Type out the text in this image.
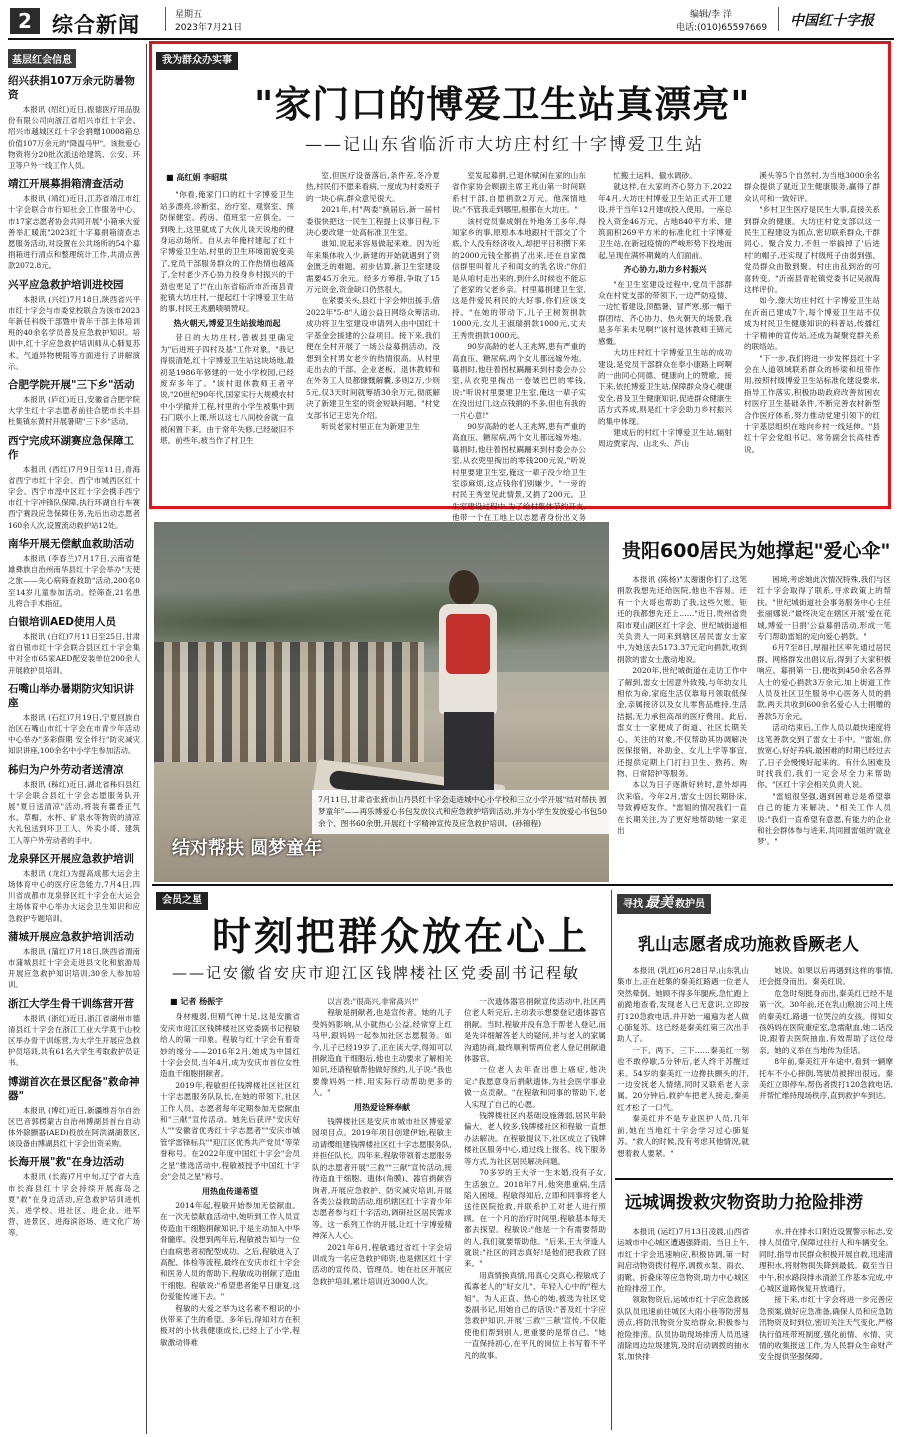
2 综合新闻	星期五
2023年7月21日
编辑/李 洋
电话:(010)65597669 中国红十字报
基层红会信息
绍兴获捐107万余元防暑物资

本报讯 (绍红)近日,振德医疗用品股份有限公司向浙江省绍兴市红十字会、绍兴市越城区红十字会捐赠10008箱总价值107万余元的"降温马甲"。该批爱心物资将分20批次派送给建筑、公安、环卫等户外一线工作人员。

靖江开展募捐箱清查活动

本报讯 (靖红)近日,江苏省靖江市红十字会联合市行知社会工作服务中心、市17家志愿者协会共同开展"小箱承大爱 善举汇暖流"2023红十字募捐箱清查志愿服务活动,对设置在公共场所的54个募捐箱进行清点和整理统计工作,共清点善款2072.8元。

兴平应急救护培训进校园

本报讯 (兴红)7月18日,陕西省兴平市红十字会与市委党校联合为该市2023年新任科级干部暨中青年干部主体培训班的40余名学员普及应急救护知识。培训中,红十字应急救护培训师从心肺复苏术、气道异物梗阻等方面进行了讲解演示。

合肥学院开展"三下乡"活动

本报讯 (庐红)近日,安徽省合肥学院大学生红十字志愿者前往合肥市长丰县杜集镇东黄村开展暑期"三下乡"活动。

西宁完成环湖赛应急保障工作

本报讯 (西红)7月9日至11日,青海省西宁市红十字会、西宁市城西区红十字会、西宁市湟中区红十字会携手西宁市红十字冲锋队保障,执行环湖自行车赛西宁赛段应急保障任务,先后出动志愿者160余人次,设置流动救护站12处。

南华开展无偿献血救助活动

本报讯 (李春兰)7月17日,云南省楚雄彝族自治州南华县红十字会举办"天使之旅——先心病筛查救助"活动,200名0至14岁儿童参加活动。经筛查,21名患儿将合手术指征。

白银培训AED使用人员

本报讯 (白红)7月11日至25日,甘肃省白银市红十字会联合县区红十字会集中对全市65家AED配安装单位200余人开展救护员培训。

石嘴山举办暑期防灾知识讲座

本报讯 (石红)7月19日,宁夏回族自治区石嘴山市红十字会在市青少年活动中心举办"多彩假期 安全伴行"防灾减灾知识讲座,100余名中小学生参加活动。

秭归为户外劳动者送清凉

本报讯 (秭红)近日,湖北省秭归县红十字会联合县红十字会志愿服务队开展"夏日送清凉"活动,将装有藿香正气水、草帽、水杯、矿泉水等物资的清凉大礼包送到环卫工人、外卖小哥、建筑工人等户外劳动者的手中。

龙泉驿区开展应急救护培训

本报讯 (龙红)为提高成都大运会主场体育中心的医疗应急能力,7月4日,四川省成都市龙泉驿区红十字会在大运会主场体育中心举办大运会卫生知识和应急救护专题培训。

蒲城开展应急救护培训活动

本报讯 (蒲红)7月18日,陕西省渭南市蒲城县红十字会走进县文化和旅游局开展应急救护知识培训,30余人参加培训。

浙江大学生骨干训练营开营

本报讯 (浙红)近日,浙江省湖州市德清县红十字会在浙江工业大学莫干山校区举办骨干训练营,为大学生开展应急救护员培训,共有61名大学生考取救护员证书。

博湖首次在景区配备"救命神器"

本报讯 (博红)近日,新疆维吾尔自治区巴音郭楞蒙古自治州博湖县首台自动体外除颤器(AED)投放在阿洪湖湖景区,该设备由博湖县红十字会出资采购。

长海开展"救"在身边活动

本报讯 (长海)7月中旬,辽宁省大连市长海县红十字会持续开展海岛之夏"救"在身边活动,应急救护培训进机关、进学校、进社区、进企业、进军营、进景区、进海滨浴场、进文化广场等。

我为群众办实事
"家门口的博爱卫生站真漂亮"
——记山东省临沂市大坊庄村红十字博爱卫生站
■ 高红娟 李昭琪

"你看,俺家门口的红十字博爱卫生站多漂亮,诊断室、治疗室、观察室、预防保健室、药房、值班室一应俱全。一到晚上,这里就成了大伙儿谈天说地的健身运动场所。自从去年俺村建起了红十字博爱卫生站,村里的卫生环境面貌变美了,党员干部服务群众的工作热情也越高了,全村老少齐心协力投身乡村振兴的干劲也更足了!"在山东省临沂市沂南县青驼镇大坊庄村,一提起红十字博爱卫生站的事,村民王兆鹏啧啧赞叹。

热火朝天,博爱卫生站拔地而起

昔日的大坊庄村,曾被县里确定为"后进班子四村及基"工作对象。"我记得很清楚,红十字博爱卫生站这块场地,最初是1986年修建的一处小学校园,已经废弃多年了。"该村退休教师王者平说,"20世纪90年代,国家实行大规模农村中小学撤并工程,村里的小学生被集中到石门联小上课,所以这七八间校舍就一直被闲置下来。由于常年失修,已经破旧不堪。前些年,被当作了村卫生

室,但医疗设备落后,条件差,冬冷夏热,村民们不愿来看病,一度成为村委班子的一块心病,群众意见很大。

2021年,村"两委"换届后,新一届村委很快把这一民生工程提上议事日程,下决心要改建一处高标准卫生室。

谁知,说起来容易做起来难。因为近年来集体收入少,新建的开始就遇到了资金匮乏的难题。初步估算,新卫生室建设需要45万余元。经多方筹措,争取了15万元资金,资金缺口仍然很大。

在紧要关头,县红十字会伸出援手,借2022年"5·8"人道公益日网络众筹活动,成功将卫生室建设申请列入由中国红十字基金会援建的公益项目。接下来,我们便在全村开展了一场公益募捐活动。没想到全村男女老少的热情很高。从村里走出去的干部、企业老板、退休教师和在外务工人员都慷慨解囊,多则2万,少则5元,仅3天时间就筹措30余万元,彻底解决了新建卫生室的资金短缺问题。"村党支部书记王忠先介绍。

听说老家村里正在为新建卫生

室发起募捐,已退休赋闲在家的山东省作家协会顾副主席王兆山第一时间联系村干部,自愿捐款2万元。他深情地说:"不管我走到哪里,根都在大坊庄。"

该村党员秦成娟在外地务工多年,得知家乡的事,原原本本地跟村干部交了个底,个人没有经济收入,却把平日积攒下来的2000元钱全都捐了出来,还在自家微信群里叫着儿子和闺女的乳名说:"你们是从咱村走出来的,到什么时候也不能忘了老家的父老乡亲。村里募捐建卫生室,这是件爱民利民的大好事,你们应该支持。"在她的带动下,儿子王树贺捐款1000元,女儿王淑瑞捐款1000元,丈夫王秀贵捐款1000元。

90岁高龄的老人王兆辉,患有严重的高血压、糖尿病,两个女儿都远嫁外地。募捐时,他往着拐杖蹒跚来到村委会办公室,从衣兜里掏出一卷皱巴巴的零钱,说:"听说村里要建卫生室,俺这一辈子实在没出过门,这点钱捐的不多,但也有我的一片心意!"

90岁高龄的老人王兆辉,患有严重的高血压、糖尿病,两个女儿都远嫁外地。募捐时,他往着拐杖蹒跚来到村委会办公室,从衣兜里掏出的零钱200元说,"听说村里要建卫生室,俺这一辈子没少给卫生室添麻烦,这点钱你们别嫌少。"一旁的村民王秀堂见此情景,又捐了200元。卫生室建设过程中,为了给村集体节约开支,他带一个在工地上以志愿者身份出义务

忙搬土运料、撤水调砂。

就这样,在大家的齐心努力下,2022年4月,大坊庄村博爱卫生站正式开工建设,并于当年12月建成投入使用。一座总投入资金46万元、占地840平方米、建筑面积269平方米的标准化红十字博爱卫生站,在新冠疫情的严峻形势下投地而起,呈现在满怀期冀的人们面前。

齐心协力,助力乡村振兴

"在卫生室建设过程中,党员干部群众在村党支部的带领下,一边严防疫情、一边忙着建设,顶酷暑、冒严寒,那一幅干群团结、齐心协力、热火朝天的场景,我是多年来未见啊!"该村退休教师王锦元感慨。

大坊庄村红十字博爱卫生站的成功建设,是党员干部群众在奉小康路上呵啊的一曲同心同德、健康向上的赞歌。接下来,依托博爱卫生站,保障群众身心健康安全,普及卫生健康知识,促进群众健康生活方式养成,则是红十字会助力乡村振兴的集中体现。

建成后的村红十字博爱卫生站,辐射周边贾家沟、山北头、芦山

溪头等5个自然村,为当地3000余名群众提供了就近卫生健康服务,赢得了群众认可和一致好评。

"乡村卫生医疗是民生大事,直接关系到群众的健康。大坊庄村党支部以这一民生工程建设为抓点,密切联系群众,干群同心、聚合发力,不但一举搞掉了'后进村'的帽子,还实现了村级班子由弱到强、党员群众由散到聚、村庄由乱到治的可喜转变。"沂南县青驼镇党委书记吴淑海这样评价。

如今,像大坊庄村红十字博爱卫生站在沂南已建成7个,每个博爱卫生站不仅成为村民卫生健康知识的科普站,传播红十字精神的宣传站,还成为凝聚党群关系的联络站。

"下一步,我们将进一步发挥县红十字会在人道领域联系群众的桥梁和纽带作用,按照村级博爱卫生站标准化建设要求,指导工作落实,积极协助政府改善贫困农村医疗卫生基础条件,不断完善农村新型合作医疗体系,努力推动党建引领下的红十字基层组织在地向乡村一线延伸。"县红十字会党组书记、常务副会长高桂香说。

结对帮扶 圆梦童年
7月11日,甘肃省张掖市山丹县红十字会走进城中心小学校和三立小学开展"结对帮扶 圆梦童年"——再乐博爱心书包发放仪式和应急救护培训活动,并为小学生发放爱心书包50余个、图书60余册,开展红十字精神宣传及应急救护培训。(孙锦程)
贵阳600居民为她撑起"爱心伞"

本报讯 (陈杨)"太谢谢你们了,这笔捐款我想先还给医院,他也不容易。还有一个大哥也帮助了我,这些欠账、钜还的我都想先还上……"近日,贵州省贵阳市观山湖区红十字会、世纪城街道相关负责人一同来到辖区居民雷女士家中,为她送去5173.37元定向捐款,收到捐款的雷女士激动地说。

2020年,世纪城街道在走访工作中了解到,雷女士因意外致残,与年幼女儿相依为命,家庭生活仅靠每月领取低保金,亲属接济以及女儿零售品维持,生活拮据,无力承担高昂的医疗费用。此后,雷女士一家便成了街道、社区长期关心、关注的对象,不仅帮助其协调解决医保报销、补助金、女儿上学等事宜,还提供定期上门打扫卫生、熬药、购物、日常陪护等服务。

本以为日子逐渐好转时,意外却再次来临。今年2月,雷女士因长期卧床,导致褥疮发作。"雷姐的情况我们一直在长期关注,为了更好地帮助她一家走出

困境,考虑她此次情况特殊,我们与区红十字会取得了联系,寻求政策上的帮扶。"世纪城街道社会事务服务中心主任张丽娜说:"最终决定在辖区开展'爱在花城,博爱一日捐'公益募捐活动,形成一笔专门帮助雷姐的定向爱心捐款。"

6月7至8日,厚福社区率先通过居民群、网格群发出倡议后,得到了大家积极响应。募捐第一日,便收到450余名各界人士的爱心捐款3万余元,加上街道工作人员及社区卫生服务中心医务人员的捐款,两天共收到600余名爱心人士捐赠的善款5万余元。

活动结束后,工作人员以最快速度将这笔善款交到了雷女士手中。"雷姐,你放宽心,好好养病,最困难的时期已经过去了,日子会慢慢好起来的。有什么困难及时找我们,我们一定会尽全力来帮助你。"区红十字会相关负责人说。

"雷姐很坚强,遇到困难总是希望靠自己的能力来解决。"相关工作人员说:"我们一直希望有意愿,有能力的企业和社会群体参与进来,共同圆雷姐的'就业梦'。"

会员之星
时刻把群众放在心上
——记安徽省安庆市迎江区钱牌楼社区党委副书记程敏
■ 记者 杨振宇

身材瘦弱,但精气神十足,这是安徽省安庆市迎江区钱牌楼社区党委副书记程敏给人的第一印象。程敏与红十字会有着奇妙的缘分——2016年2月,她成为中国红十字会会员,当年4月,成为安庆市首位女性造血干细胞捐献者。

2019年,程敏担任钱牌楼社区社区红十字志愿服务队队长,在她的带领下,社区工作人员、志愿者每年定期参加无偿献血和"三献"宣传活动。她先后获评"安庆好人""安徽省优秀红十字志愿者""安庆市城管学雷锋标兵""迎江区优秀共产党员"等荣誉称号。在2022年度中国红十字会"会员之星"推选活动中,程敏被授予中国红十字会"会员之星"称号。

用热血传递希望

2014年起,程敏开始参加无偿献血。在一次无偿献血活动中,她听到工作人员宣传造血干细胞捐献知识,于是主动加入中华骨髓库。没想到两年后,程敏被告知与一位白血病患者初配型成功。之后,程敏进入了高配、体检等流程,最终在安庆市红十字会和医务人员的帮助下,程敏成功捐献了造血干细胞。程敏说:"希望患者能早日康复,这份爱能传递下去。"

程敏的大爱之举为这名素不相识的小伙带来了生的希望。多年后,得知对方在积极对的小伙我健康成长,已经上了小学,程敏激动得难

以言表:"很高兴,非常高兴!"

程敏是捐献者,也是宣传者。她的儿子受妈妈影响,从小就热心公益,经常穿上红马甲,跟妈妈一起参加社区志愿服务。如今,儿子已经19岁了,正在读大学,得知可以捐献造血干细胞后,他也主动要求了解相关知识,还请程敏帮他做好预约,儿子说:"我也要像妈妈一样,用实际行动帮助更多的人。"

用热爱诠释奉献

钱牌楼社区是安庆市城市社区博爱家园项目点。2019年项目创建伊始,程敏主动请缨组建钱牌楼社区红十字志愿服务队,并担任队长。四年来,程敏带领着志愿服务队的志愿者开展"三救""三献"宣传活动,接待造血干细胞、遗体(角膜)、器官捐献咨询者,开展应急救护、防灾减灾培训,开展各类公益救助活动,组织辖区红十字青少年志愿者参与红十字活动,调研社区居民需求等。这一系列工作的开展,让红十字博爱精神深入人心。

2021年6月,程敏通过省红十字会培训成为一名应急救护师资,也是辖区红十字活动的宣传员、管理员。她在社区开展应急救护培训,累计培训近3000人次。

一次遗体器官捐献宣传活动中,社区两位老人听完后,主动表示想要登记遗体器官捐献。当时,程敏并没有急于帮老人登记,而是先详细解答老人的疑问,并与老人的家属沟通协商,最终顺利帮两位老人登记捐献遗体器官。

一位老人去年查出患上癌症,他决定:"我愿意身后捐献遗体,为社会医学事业做一点贡献。"在程敏和同事的帮助下,老人实现了自己的心愿。

钱牌楼社区内基础设施薄弱,居民年龄偏大、老人较多,钱牌楼社区和程敏一直想办法解决。在程敏提议下,社区成立了钱牌楼社区服务中心,通过线上报名、线下服务等方式,为社区居民解决问题。

70多岁的王大爷一生未婚,没有子女,生活独立。2018年7月,他突患重病,生活陷入困境。程敏得知后,立即和同事将老人送往医院抢救,并联系护工对老人进行照顾。在一个月的治疗时间里,程敏基本每天都去探望。程敏说:"他是一个有需要帮助的人,我们就要帮助他。"后来,王大爷逢人就说:"社区的同志真好!是他们把我救了回来。"

用真情换真情,用真心交真心,程敏成了孤寡老人的"好女儿"、年轻人心中的"程大姐"。为人正直、热心的她,被选为社区党委副书记,用她自己的话说:"普及红十字应急救护知识,开展'三救''三献'宣传,不仅能使他们帮到别人,更重要的是帮自己。"她一直保持初心,在平凡的岗位上书写着不平凡的故事。

寻找 最美 救护员
乳山志愿者成功施救昏厥老人

本报讯 (乳红)6月28日早,山东乳山集市上,正在赶集的秦美红路遇一位老人突然晕倒。她顾不得多年腿疾,急忙跑上前跪地查看,发现老人已无意识,立即按打120急救电话,并开始一遍遍为老人做心肺复苏。这已经是秦美红第三次出手助人了。

一下、两下、三下……秦美红一刻也不敢停歇,5分钟后,老人终于苏醒过来。54岁的秦美红一边搀扶颤头的汗,一边安抚老人情绪,同时又联系老人亲属。20分钟后,救护车把老人接走,秦美红才松了一口气。

秦美红并不是专业医护人员,几年前,她在当地红十字会学习过心肺复苏。"救人的时候,没有考虑其他情况,就想着救人要紧。"

她说。如果以后再遇到这样的事情,还会挺身而出。秦美红说。

危急时刻挺身而出,秦美红已经不是第一次。30年前,还在乳山粮油公司上班的秦美红,路遇一位哭泣的女孩。得知女孩妈妈在医院重症室,急需献血,她二话没说,跟着去医院抽血,有效帮助了这位母亲。她的义举在当地传为佳话。

8年前,秦美红开车途中,看到一辆摩托车不小心摔倒,驾驶员被摔出很远。秦美红立即停车,帮伤者拨打120急救电话,并帮忙维持现场秩序,直到救护车到达。

远城调拨救灾物资助力抢险排涝

本报讯 (运红)7月13日凌晨,山西省运城市中心城区遭遇强降雨。当日上午,市红十字会迅速响应,积极协调,第一时间启动物资拨付程序,调拨水泵、雨衣、雨靴、折叠床等应急物资,助力中心城区抢险排涝工作。

领取物资后,运城市红十字应急救援队队员迅速前往城区大雨小巷等防涝易涝点,将防汛物资分发给群众,积极参与抢险排涝。队员协助现场排涝人员迅速清除周边垃圾建筑,及时启动调拨的抽水泵,加快排

水,并在排水口附近设置警示标志,安排人员值守,保障过往行人和车辆安全。同时,指导市民群众积极开展自救,迅速清理积水,将财物损失降到最低。截至当日中午,积水路段排水清淤工作基本完成,中心城区道路恢复开放通行。

接下来,市红十字会将进一步完善应急预案,做好应急准备,确保人员和应急防汛物资及时到位,密切关注天气变化,严格执行值班带班制度,强化前情、水情、灾情的收集报送工作,为人民群众生命财产安全提供坚强保障。
